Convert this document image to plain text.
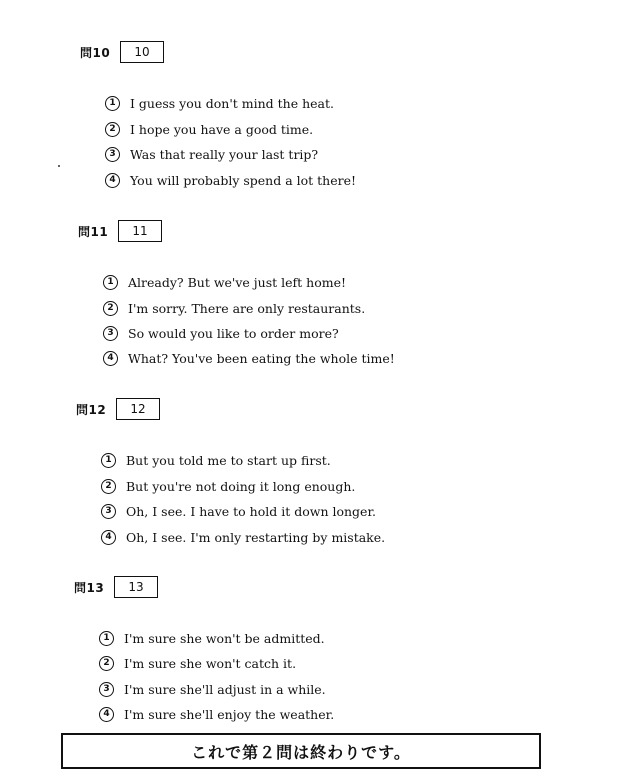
問10	10
1	I guess you don't mind the heat.
2	I hope you have a good time.
3	Was that really your last trip?
4	You will probably spend a lot there!
問11	11
1	Already? But we've just left home!
2	I'm sorry. There are only restaurants.
3	So would you like to order more?
4	What? You've been eating the whole time!
問12	12
1	But you told me to start up first.
2	But you're not doing it long enough.
3	Oh, I see. I have to hold it down longer.
4	Oh, I see. I'm only restarting by mistake.
問13	13
1	I'm sure she won't be admitted.
2	I'm sure she won't catch it.
3	I'm sure she'll adjust in a while.
4	I'm sure she'll enjoy the weather.
これで第２問は終わりです。
